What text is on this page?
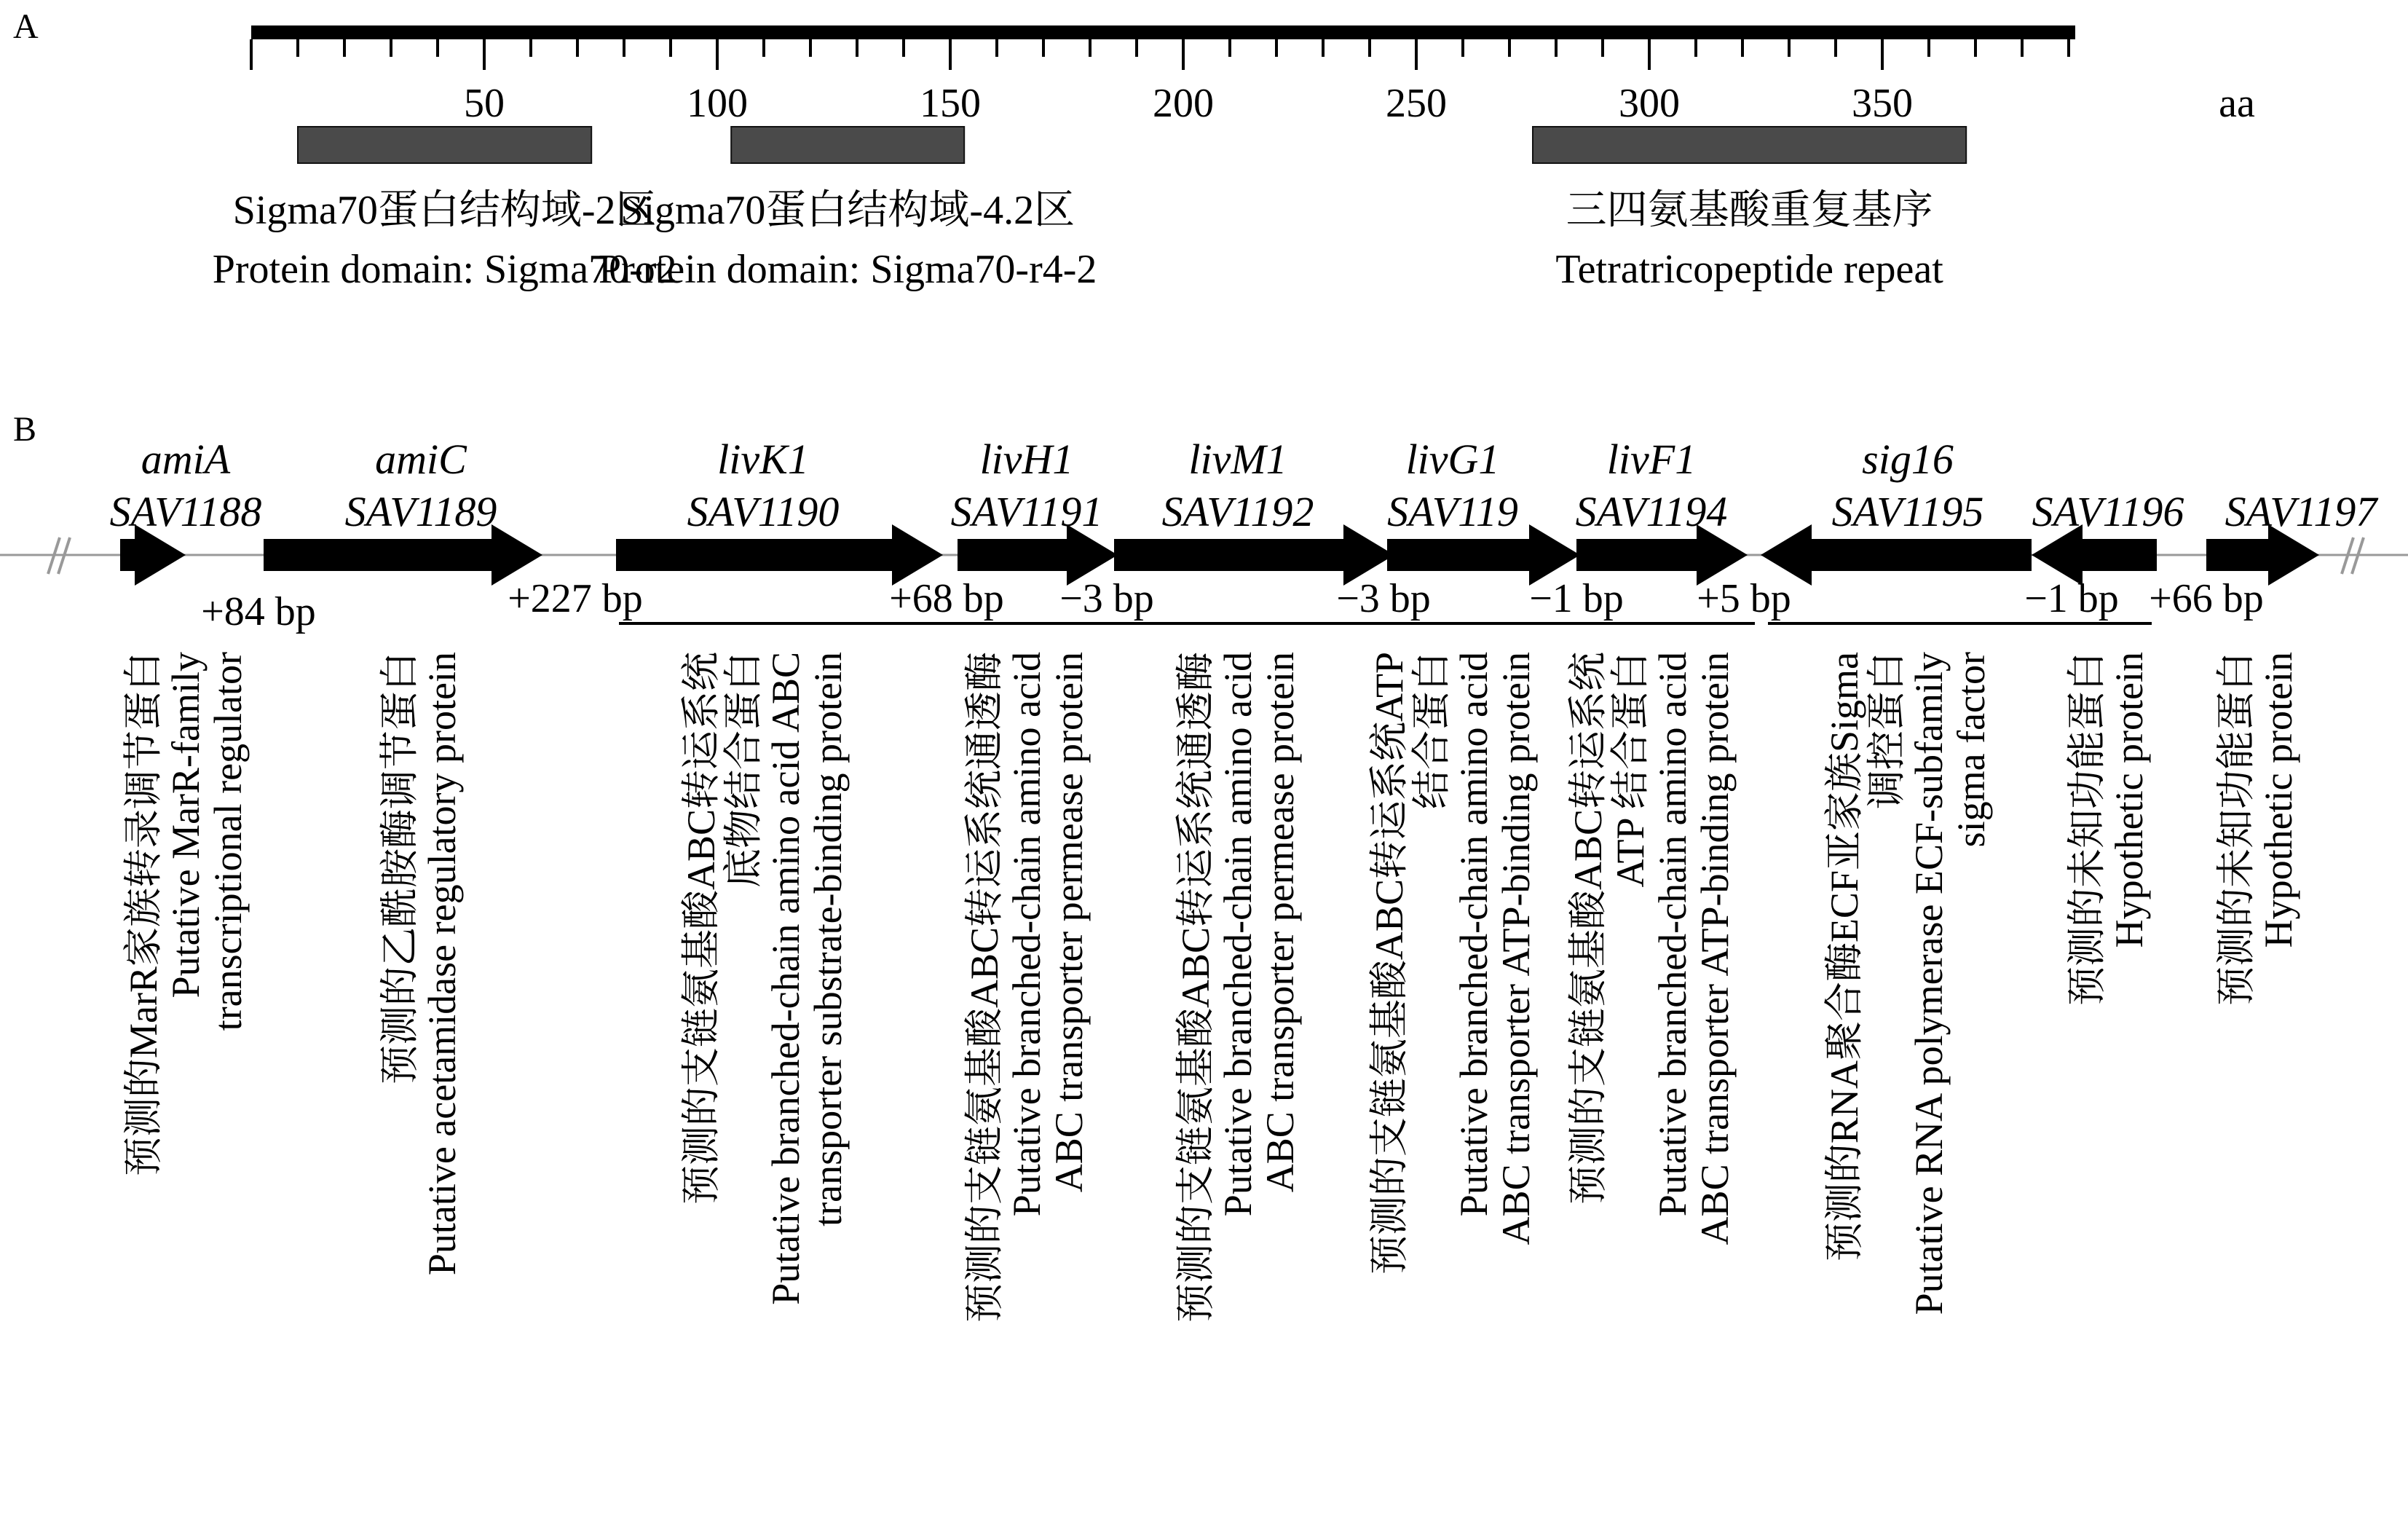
A
B
50	100	150	200	250	300	350	aa
Sigma70蛋白结构域-2区
Protein domain: Sigma70-r2
Sigma70蛋白结构域-4.2区
Protein domain: Sigma70-r4-2
三四氨基酸重复基序
Tetratricopeptide repeat
amiA
SAV1188
amiC
SAV1189
livK1
SAV1190
livH1
SAV1191
livM1
SAV1192
livG1
SAV119
livF1
SAV1194
sig16
SAV1195 SAV1196 SAV1197
+84 bp	+227 bp	+68 bp −3 bp	−3 bp −1 bp +5 bp	−1 bp +66 bp
预测的MarR家族转录调节蛋白
Putative MarR-family
transcriptional regulator	预测的乙酰胺酶调节蛋白
Putative acetamidase regulatory protein	预测的支链氨基酸ABC转运系统
底物结合蛋白
Putative branched-chain amino acid ABC
transporter substrate-binding protein	预测的支链氨基酸ABC转运系统通透酶
Putative branched-chain amino acid
ABC transporter permease protein 预测的支链氨基酸ABC转运系统通透酶
Putative branched-chain amino acid
ABC transporter permease protein 预测的支链氨基酸ABC转运系统ATP
结合蛋白
Putative branched-chain amino acid
ABC transporter ATP-binding protein 预测的支链氨基酸ABC转运系统
ATP 结合蛋白
Putative branched-chain amino acid
ABC transporter ATP-binding protein 预测的RNA聚合酶ECF亚家族Sigma
调控蛋白
Putative RNA polymerase ECF-subfamily
sigma factor 预测的未知功能蛋白
Hypothetic protein 预测的未知功能蛋白
Hypothetic protein
